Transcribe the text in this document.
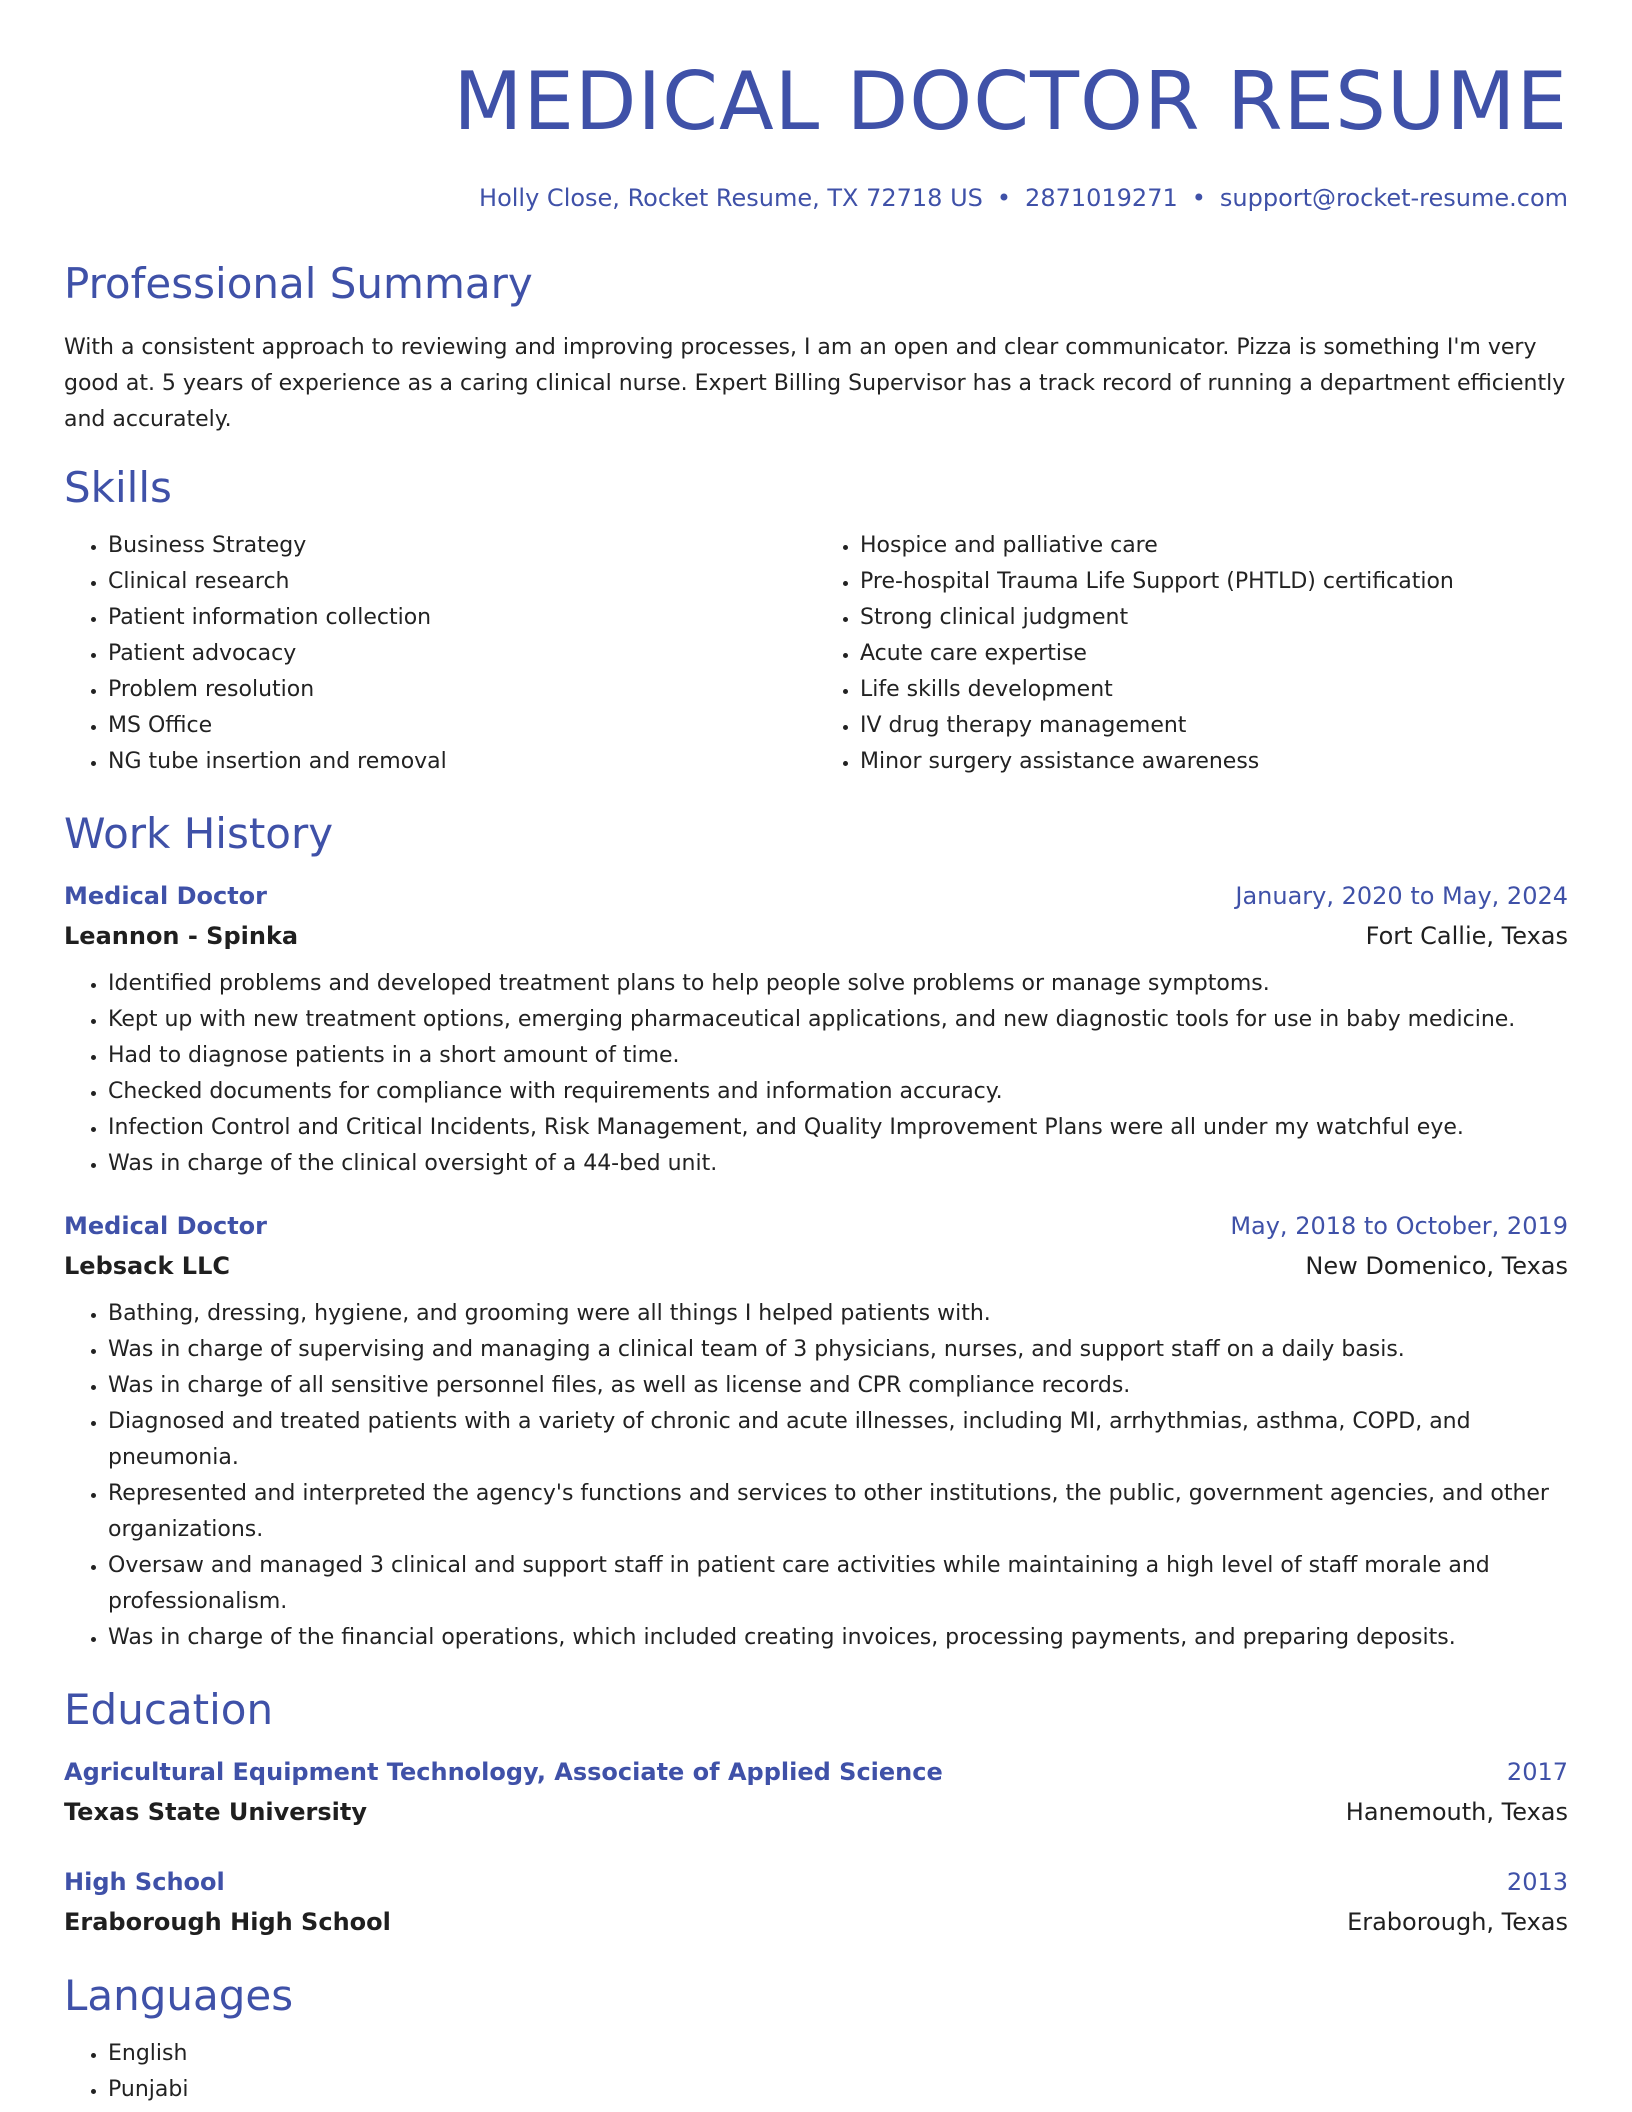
MEDICAL DOCTOR RESUME
Holly Close, Rocket Resume, TX 72718 US • 2871019271 • support@rocket-resume.com
Professional Summary

With a consistent approach to reviewing and improving processes, I am an open and clear communicator. Pizza is something I'm very good at. 5 years of experience as a caring clinical nurse. Expert Billing Supervisor has a track record of running a department efficiently and accurately.

Skills
• Business Strategy
• Clinical research
• Patient information collection
• Patient advocacy
• Problem resolution
• MS Office
• NG tube insertion and removal
• Hospice and palliative care
• Pre-hospital Trauma Life Support (PHTLD) certification
• Strong clinical judgment
• Acute care expertise
• Life skills development
• IV drug therapy management
• Minor surgery assistance awareness
Work History
Medical Doctor	January, 2020 to May, 2024
Leannon - Spinka	Fort Callie, Texas
• Identified problems and developed treatment plans to help people solve problems or manage symptoms.
• Kept up with new treatment options, emerging pharmaceutical applications, and new diagnostic tools for use in baby medicine.
• Had to diagnose patients in a short amount of time.
• Checked documents for compliance with requirements and information accuracy.
• Infection Control and Critical Incidents, Risk Management, and Quality Improvement Plans were all under my watchful eye.
• Was in charge of the clinical oversight of a 44-bed unit.
Medical Doctor	May, 2018 to October, 2019
Lebsack LLC	New Domenico, Texas
• Bathing, dressing, hygiene, and grooming were all things I helped patients with.
• Was in charge of supervising and managing a clinical team of 3 physicians, nurses, and support staff on a daily basis.
• Was in charge of all sensitive personnel files, as well as license and CPR compliance records.
• Diagnosed and treated patients with a variety of chronic and acute illnesses, including MI, arrhythmias, asthma, COPD, and pneumonia.
• Represented and interpreted the agency's functions and services to other institutions, the public, government agencies, and other organizations.
• Oversaw and managed 3 clinical and support staff in patient care activities while maintaining a high level of staff morale and professionalism.
• Was in charge of the financial operations, which included creating invoices, processing payments, and preparing deposits.
Education
Agricultural Equipment Technology, Associate of Applied Science	2017
Texas State University	Hanemouth, Texas
High School	2013
Eraborough High School	Eraborough, Texas
Languages
• English
• Punjabi
